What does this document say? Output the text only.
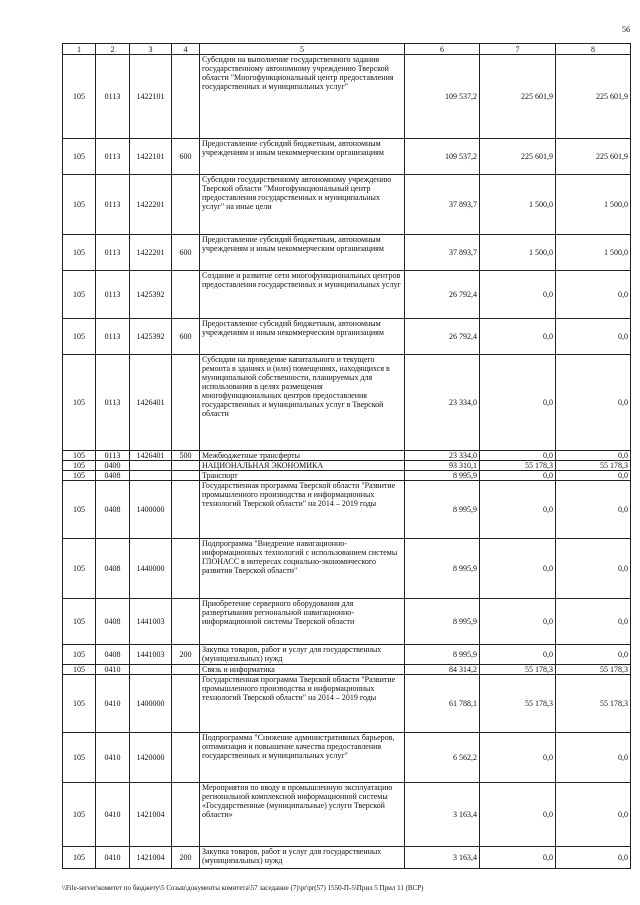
56
1	2	3	4	5	6	7	8
105	0113	1422101		Субсидии на выполнение государственного задания государственному автономному учреждению Тверской области "Многофункциональный центр предоставления государственных и муниципальных услуг"	109 537,2	225 601,9	225 601,9
105	0113	1422101	600	Предоставление субсидий бюджетным, автономным учреждениям и иным некоммерческим организациям	109 537,2	225 601,9	225 601,9
105	0113	1422201		Субсидии государственному автономному учреждению Тверской области "Многофункциональный центр предоставления государственных и муниципальных услуг" на иные цели	37 893,7	1 500,0	1 500,0
105	0113	1422201	600	Предоставление субсидий бюджетным, автономным учреждениям и иным некоммерческим организациям	37 893,7	1 500,0	1 500,0
105	0113	1425392		Создание и развитие сети многофункциональных центров предоставления государственных и муниципальных услуг	26 792,4	0,0	0,0
105	0113	1425392	600	Предоставление субсидий бюджетным, автономным учреждениям и иным некоммерческим организациям	26 792,4	0,0	0,0
105	0113	1426401		Субсидии на проведение капитального и текущего ремонта в зданиях и (или) помещениях, находящихся в муниципальной собственности, планируемых для использования в целях размещения многофункциональных центров предоставления государственных и муниципальных услуг в Тверской области	23 334,0	0,0	0,0
105	0113	1426401	500	Межбюджетные трансферты	23 334,0	0,0	0,0
105	0400			НАЦИОНАЛЬНАЯ ЭКОНОМИКА	93 310,1	55 178,3	55 178,3
105	0408			Транспорт	8 995,9	0,0	0,0
105	0408	1400000		Государственная программа Тверской области "Развитие промышленного производства и информационных технологий Тверской области" на 2014 – 2019 годы	8 995,9	0,0	0,0
105	0408	1440000		Подпрограмма "Внедрение навигационно-информационных технологий с использованием системы ГЛОНАСС в интересах социально-экономического развития Тверской области"	8 995,9	0,0	0,0
105	0408	1441003		Приобретение серверного оборудования для развертывания региональной навигационно-информационной системы Тверской области	8 995,9	0,0	0,0
105	0408	1441003	200	Закупка товаров, работ и услуг для государственных (муниципальных) нужд	8 995,9	0,0	0,0
105	0410			Связь и информатика	84 314,2	55 178,3	55 178,3
105	0410	1400000		Государственная программа Тверской области "Развитие промышленного производства и информационных технологий Тверской области" на 2014 – 2019 годы	61 788,1	55 178,3	55 178,3
105	0410	1420000		Подпрограмма "Снижение административных барьеров, оптимизация и повышение качества предоставления государственных и муниципальных услуг"	6 562,2	0,0	0,0
105	0410	1421004		Мероприятия по вводу в промышленную эксплуатацию региональной комплексной информационной системы «Государственные (муниципальные) услуги Тверской области»	3 163,4	0,0	0,0
105	0410	1421004	200	Закупка товаров, работ и услуг для государственных (муниципальных) нужд	3 163,4	0,0	0,0
\\File-server\комитет по бюджету\5 Созыв\документы комитета\57 заседание (7)\pr\pr(57) 1550-П-5\Прил 5 Прил 11 (ВСР)
